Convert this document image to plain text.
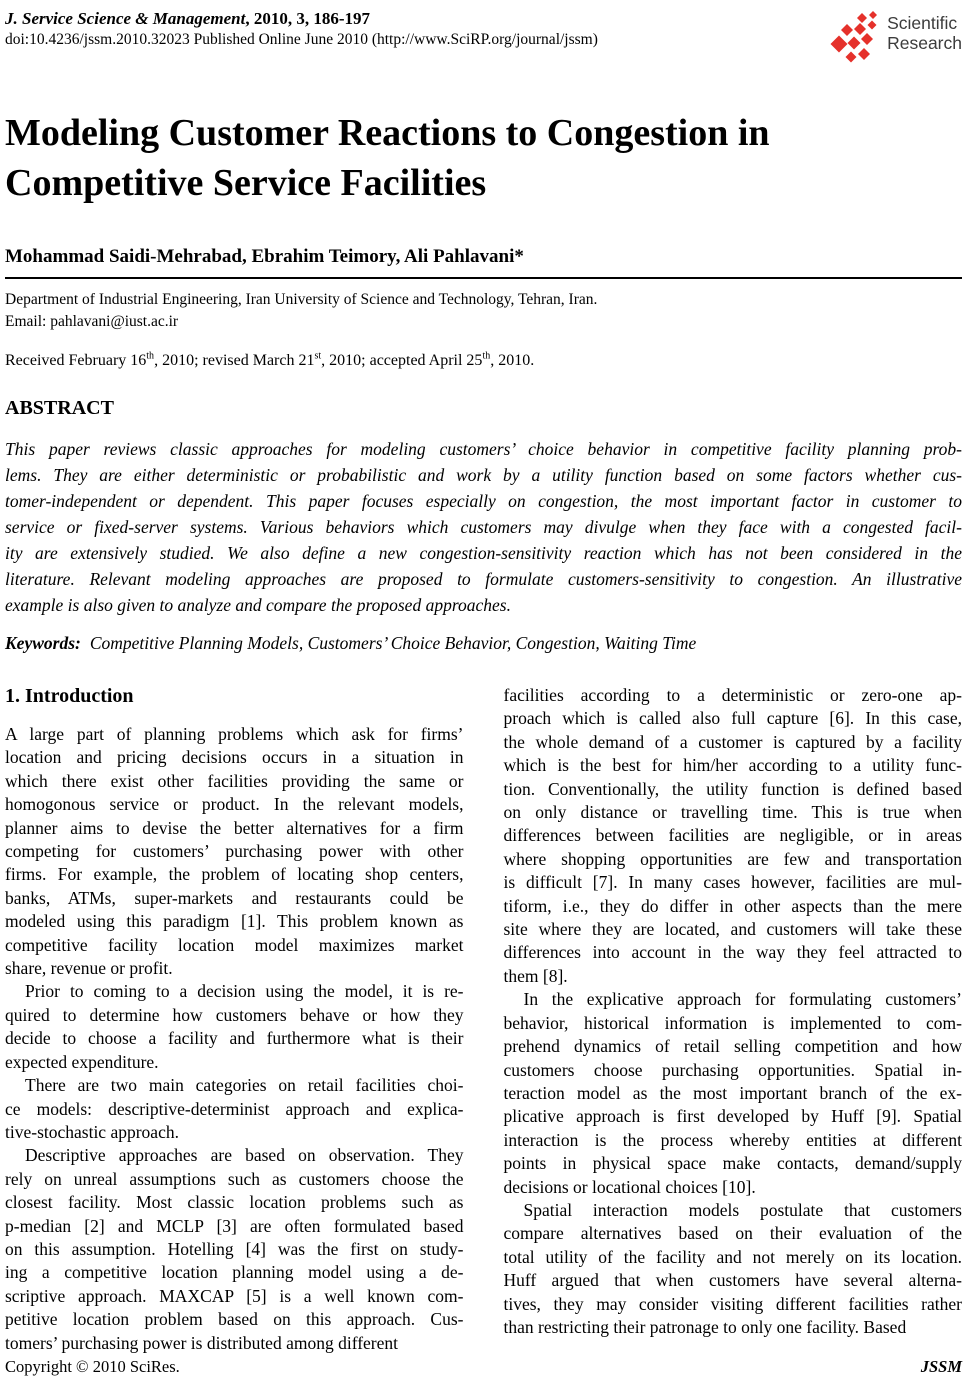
J. Service Science & Management, 2010, 3, 186-197
doi:10.4236/jssm.2010.32023 Published Online June 2010 (http://www.SciRP.org/journal/jssm)
Scientific
Research
Modeling Customer Reactions to Congestion in
Competitive Service Facilities
Mohammad Saidi-Mehrabad, Ebrahim Teimory, Ali Pahlavani*
Department of Industrial Engineering, Iran University of Science and Technology, Tehran, Iran.
Email: pahlavani@iust.ac.ir
Received February 16th, 2010; revised March 21st, 2010; accepted April 25th, 2010.
ABSTRACT
This paper reviews classic approaches for modeling customers’ choice behavior in competitive facility planning prob-
lems. They are either deterministic or probabilistic and work by a utility function based on some factors whether cus-
tomer-independent or dependent. This paper focuses especially on congestion, the most important factor in customer to
service or fixed-server systems. Various behaviors which customers may divulge when they face with a congested facil-
ity are extensively studied. We also define a new congestion-sensitivity reaction which has not been considered in the
literature. Relevant modeling approaches are proposed to formulate customers-sensitivity to congestion. An illustrative
example is also given to analyze and compare the proposed approaches.
Keywords: Competitive Planning Models, Customers’ Choice Behavior, Congestion, Waiting Time
1. Introduction
A large part of planning problems which ask for firms’
location and pricing decisions occurs in a situation in
which there exist other facilities providing the same or
homogonous service or product. In the relevant models,
planner aims to devise the better alternatives for a firm
competing for customers’ purchasing power with other
firms. For example, the problem of locating shop centers,
banks, ATMs, super-markets and restaurants could be
modeled using this paradigm [1]. This problem known as
competitive facility location model maximizes market
share, revenue or profit.
Prior to coming to a decision using the model, it is re-
quired to determine how customers behave or how they
decide to choose a facility and furthermore what is their
expected expenditure.
There are two main categories on retail facilities choi-
ce models: descriptive-determinist approach and explica-
tive-stochastic approach.
Descriptive approaches are based on observation. They
rely on unreal assumptions such as customers choose the
closest facility. Most classic location problems such as
p-median [2] and MCLP [3] are often formulated based
on this assumption. Hotelling [4] was the first on study-
ing a competitive location planning model using a de-
scriptive approach. MAXCAP [5] is a well known com-
petitive location problem based on this approach. Cus-
tomers’ purchasing power is distributed among different
facilities according to a deterministic or zero-one ap-
proach which is called also full capture [6]. In this case,
the whole demand of a customer is captured by a facility
which is the best for him/her according to a utility func-
tion. Conventionally, the utility function is defined based
on only distance or travelling time. This is true when
differences between facilities are negligible, or in areas
where shopping opportunities are few and transportation
is difficult [7]. In many cases however, facilities are mul-
tiform, i.e., they do differ in other aspects than the mere
site where they are located, and customers will take these
differences into account in the way they feel attracted to
them [8].
In the explicative approach for formulating customers’
behavior, historical information is implemented to com-
prehend dynamics of retail selling competition and how
customers choose purchasing opportunities. Spatial in-
teraction model as the most important branch of the ex-
plicative approach is first developed by Huff [9]. Spatial
interaction is the process whereby entities at different
points in physical space make contacts, demand/supply
decisions or locational choices [10].
Spatial interaction models postulate that customers
compare alternatives based on their evaluation of the
total utility of the facility and not merely on its location.
Huff argued that when customers have several alterna-
tives, they may consider visiting different facilities rather
than restricting their patronage to only one facility. Based
Copyright © 2010 SciRes.	JSSM
